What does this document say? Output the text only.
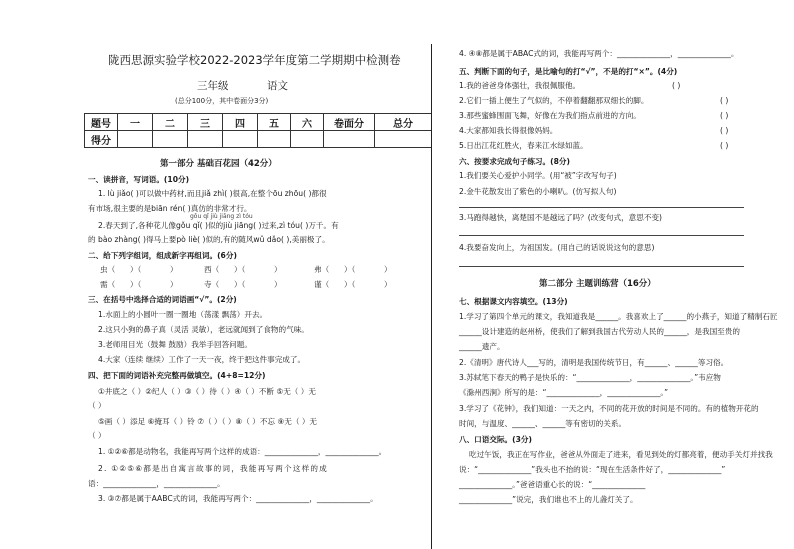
陇西思源实验学校2022-2023学年度第二学期期中检测卷
三年级	语文
(总分100分，其中卷面分3分)
题号	一	二	三	四	五	六	卷面分	总分
得分								
第一部分 基础百花园（42分）
一、读拼音，写词语。(10分)
1. lù jiǎo( )可以做中药材,而且jiǎ zhì( )很高,在整个ōu zhōu( )都很
有市场,很主要的是biān rén( )真仿的非常才行。
gǒu qǐ jiù jiāng zì tóu
2.春天到了,各种花儿像gǒu qǐ( )似的jiù jiāng( )过来,zì tóu( )万千。有
的 bào zhàng( )得马上要pò liè( )似的,有的随风wǔ dǎo( ),美丽极了。
二、给下列字组词，组成新字再组词。(6分)
虫（ ）（	）	西（ ）（	）	弗（ ）（	）
需（ ）（	）	寺（ ）（	）	谨（ ）（	）
三、在括号中选择合适的词语画“√”。(2分)
1.水面上的小圆叶一圈一圈地（荡漾 飘荡）开去。
2.这只小狗的鼻子真（灵活 灵敏），老远就闻到了食物的气味。
3.老师用目光（鼓舞 鼓励）我举手回答问题。
4.大家（连续 继续）工作了一天一夜，终于把这件事完成了。
四、把下面的词语补充完整再做填空。(4+8=12分)
①井底之（ ）②纪人（ ）③（ ）待（ ）④（ ）不断 ⑤无（ ）无
（ ）
⑤画（ ）添足 ⑥掩耳（ ）铃 ⑦（ ）（ ）⑧（ ）不忘 ⑨无（ ）无
（ ）
1. ①②⑥都是动物名，我能再写两个这样的成语：______________，______________。
2. ①②⑤⑥都是出自寓言故事的词，我能再写两个这样的成
语：______________，______________。
3. ③⑦都是属于AABC式的词，我能再写两个：______________，______________。
4. ④⑧都是属于ABAC式的词，我能再写两个：______________，______________。
五、判断下面的句子，是比喻句的打“√”，不是的打“×”。(4分)
1.我的爸爸身体强壮，我很佩服他。	( )
2.它们一插上便生了气似的，不停着翻翻那双细长的脚。	( )
3.那些蜜蜂围面飞舞，好像在为我们指点前进的方向。	( )
4.大家都知我长得很像妈妈。	( )
5.日出江花红胜火，春来江水绿如蓝。	( )
六、按要求完成句子练习。(8分)
1.我们要关心爱护小同学。(用“被”字改写句子)
2.金牛花散发出了紫色的小喇叭。(仿写拟人句)
3.马跑得越快，离楚国不是越远了吗？(改变句式，意思不变)
4.我要奋发向上，为祖国发。(用自己的话说说这句的意思)
第二部分 主题训练营（16分）
七、根据课文内容填空。(13分)
1.学习了第四个单元的课文，我知道我是______。我喜欢上了______的小燕子，知道了精制石匠
______设计建造的赵州桥，使我们了解到我国古代劳动人民的______，是我国至贵的
______遗产。
2.《清明》唐代诗人___写的，清明是我国传统节日，有______、______等习俗。
3.苏轼笔下春天的鸭子是快乐的：“______________，______________。”韦应物
《滁州西涧》所写的是：“______________，______________。”
3.学习了《花钟》，我们知道：一天之内，不同的花开放的时间是不同的。有的植物开花的
时间，与温度、______、______等有密切的关系。
八、口语交际。(3分)
吃过午饭，我正在写作业，爸爸从外面走了进来，看见到处的灯都亮着，便动手关灯并找我
说：“______________”我头也不抬的说：“现在生活条件好了，______________”
______________。”爸爸语重心长的说：“______________
______________”说完，我们谁也不上的儿盏灯关了。
